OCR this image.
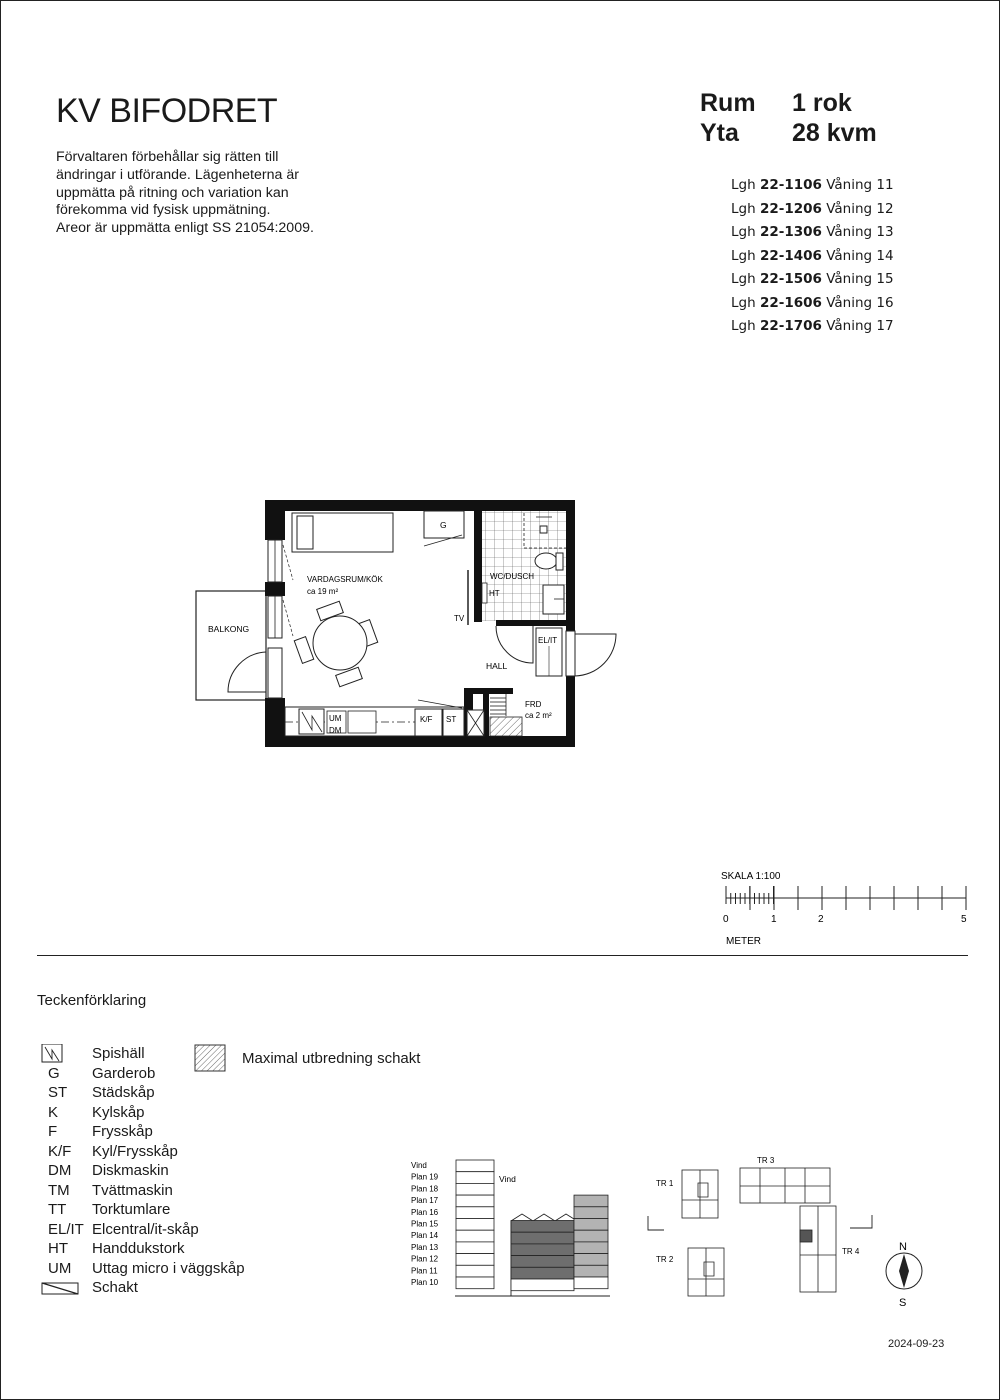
KV BIFODRET
Förvaltaren förbehållar sig rätten till
ändringar i utförande. Lägenheterna är
uppmätta på ritning och variation kan
förekomma vid fysisk uppmätning.
Areor är uppmätta enligt SS 21054:2009.
Rum	1 rok
Yta	28 kvm
Lgh 22-1106 Våning 11
Lgh 22-1206 Våning 12
Lgh 22-1306 Våning 13
Lgh 22-1406 Våning 14
Lgh 22-1506 Våning 15
Lgh 22-1606 Våning 16
Lgh 22-1706 Våning 17
BALKONG
G
TV
VARDAGSRUM/KÖK
ca 19 m²
UM
DM
K/F ST
FRD
ca 2 m²
HALL
WC/DUSCH
HT
EL/IT
SKALA 1:100
0	1	2	5
METER
Teckenförklaring
Spishäll
G	Garderob
ST	Städskåp
K	Kylskåp
F	Frysskåp
K/F	Kyl/Frysskåp
DM	Diskmaskin
TM	Tvättmaskin
TT	Torktumlare
EL/IT Elcentral/it-skåp
HT	Handdukstork
UM	Uttag micro i väggskåp
Schakt
Maximal utbredning schakt
Vind
Plan 19
Plan 18
Plan 17
Plan 16
Plan 15
Plan 14
Plan 13
Plan 12
Plan 11
Plan 10
Vind	TR 1
TR 2
TR 3
TR 4	N
S
2024-09-23
